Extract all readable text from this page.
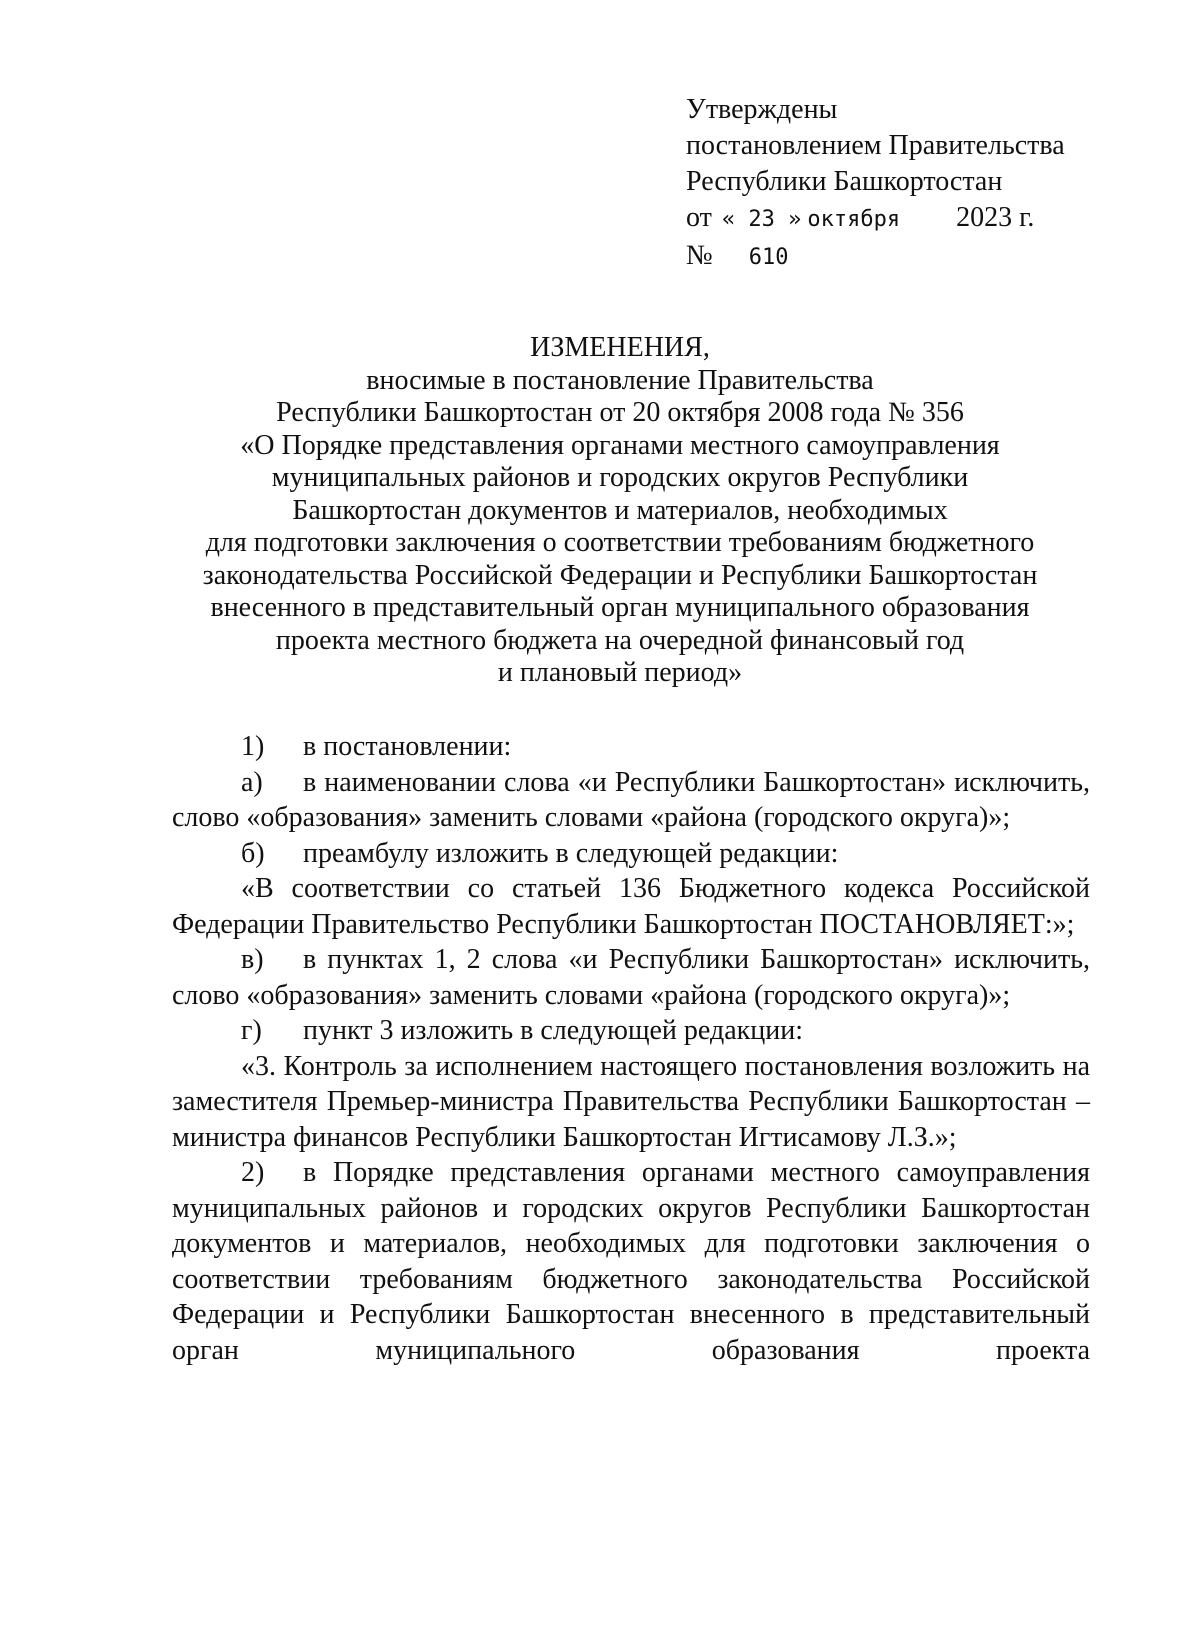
Утверждены
постановлением Правительства
Республики Башкортостан
от « 23 » октября 2023 г.
№ 610
ИЗМЕНЕНИЯ,
вносимые в постановление Правительства
Республики Башкортостан от 20 октября 2008 года № 356
«О Порядке представления органами местного самоуправления
муниципальных районов и городских округов Республики
Башкортостан документов и материалов, необходимых
для подготовки заключения о соответствии требованиям бюджетного
законодательства Российской Федерации и Республики Башкортостан
внесенного в представительный орган муниципального образования
проекта местного бюджета на очередной финансовый год
и плановый период»

1) в постановлении:

а) в наименовании слова «и Республики Башкортостан» исключить, слово «образования» заменить словами «района (городского округа)»;

б) преамбулу изложить в следующей редакции:

«В соответствии со статьей 136 Бюджетного кодекса Российской Федерации Правительство Республики Башкортостан ПОСТАНОВЛЯЕТ:»;

в) в пунктах 1, 2 слова «и Республики Башкортостан» исключить, слово «образования» заменить словами «района (городского округа)»;

г) пункт 3 изложить в следующей редакции:

«3. Контроль за исполнением настоящего постановления возложить на заместителя Премьер-министра Правительства Республики Башкортостан – министра финансов Республики Башкортостан Игтисамову Л.З.»;

2) в Порядке представления органами местного самоуправления муниципальных районов и городских округов Республики Башкортостан документов и материалов, необходимых для подготовки заключения о соответствии требованиям бюджетного законодательства Российской Федерации и Республики Башкортостан внесенного в представительный орган муниципального образования проекта
